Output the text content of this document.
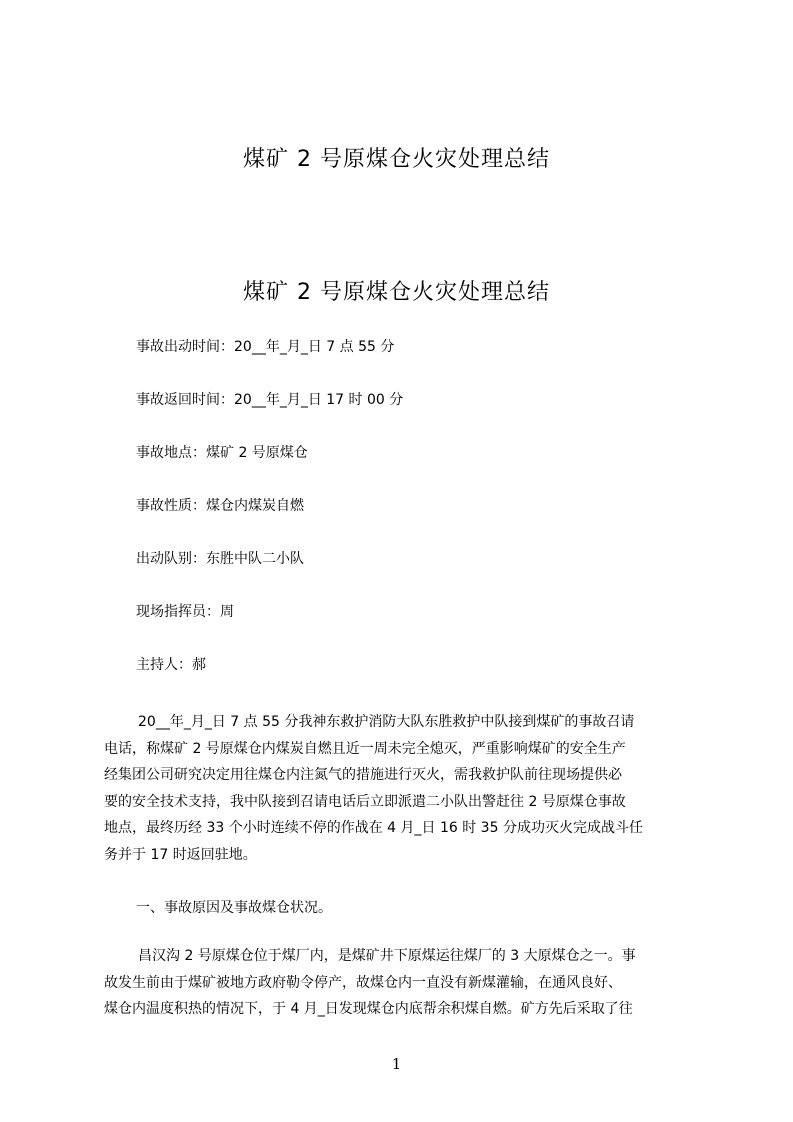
煤矿 2 号原煤仓火灾处理总结
煤矿 2 号原煤仓火灾处理总结
事故出动时间：20__年_月_日 7 点 55 分
事故返回时间：20__年_月_日 17 时 00 分
事故地点：煤矿 2 号原煤仓
事故性质：煤仓内煤炭自燃
出动队别：东胜中队二小队
现场指挥员：周
主持人：郝
20__年_月_日 7 点 55 分我神东救护消防大队东胜救护中队接到煤矿的事故召请
电话，称煤矿 2 号原煤仓内煤炭自燃且近一周未完全熄灭，严重影响煤矿的安全生产
经集团公司研究决定用往煤仓内注氮气的措施进行灭火，需我救护队前往现场提供必
要的安全技术支持，我中队接到召请电话后立即派遣二小队出警赶往 2 号原煤仓事故
地点，最终历经 33 个小时连续不停的作战在 4 月_日 16 时 35 分成功灭火完成战斗任
务并于 17 时返回驻地。
一、事故原因及事故煤仓状况。
昌汉沟 2 号原煤仓位于煤厂内，是煤矿井下原煤运往煤厂的 3 大原煤仓之一。事
故发生前由于煤矿被地方政府勒令停产，故煤仓内一直没有新煤灌输，在通风良好、
煤仓内温度积热的情况下，于 4 月_日发现煤仓内底帮余积煤自燃。矿方先后采取了往
1
